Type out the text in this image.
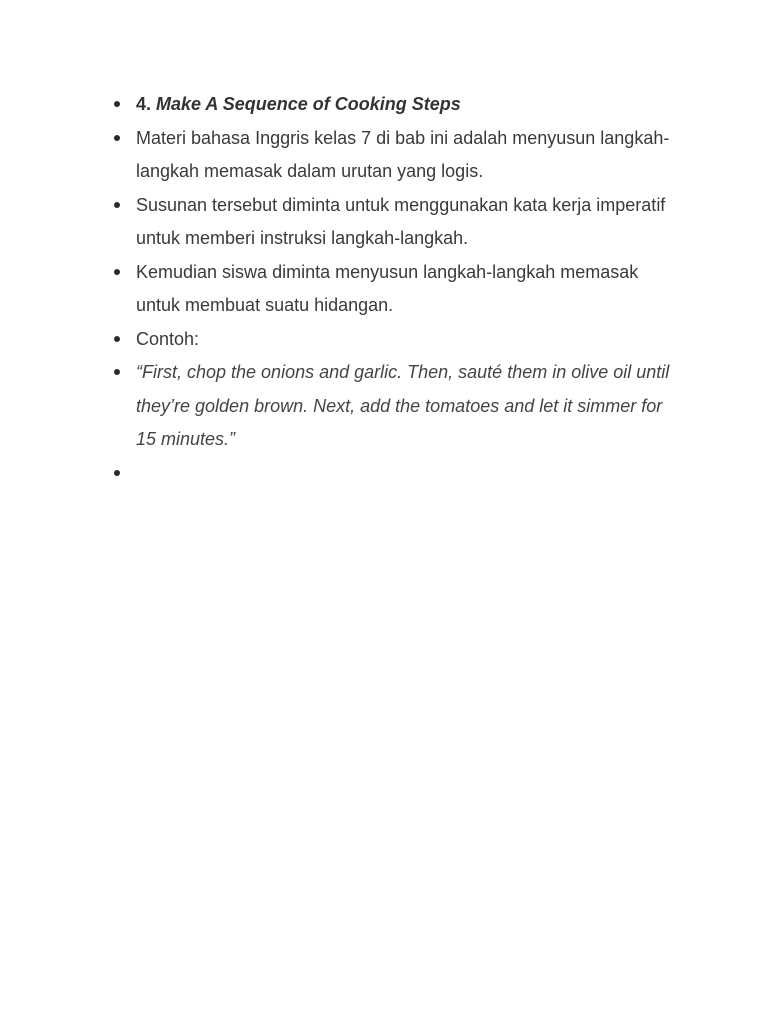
4. Make A Sequence of Cooking Steps
Materi bahasa Inggris kelas 7 di bab ini adalah menyusun langkah-langkah memasak dalam urutan yang logis.
Susunan tersebut diminta untuk menggunakan kata kerja imperatif untuk memberi instruksi langkah-langkah.
Kemudian siswa diminta menyusun langkah-langkah memasak untuk membuat suatu hidangan.
Contoh:
“First, chop the onions and garlic. Then, sauté them in olive oil until they’re golden brown. Next, add the tomatoes and let it simmer for 15 minutes.”
